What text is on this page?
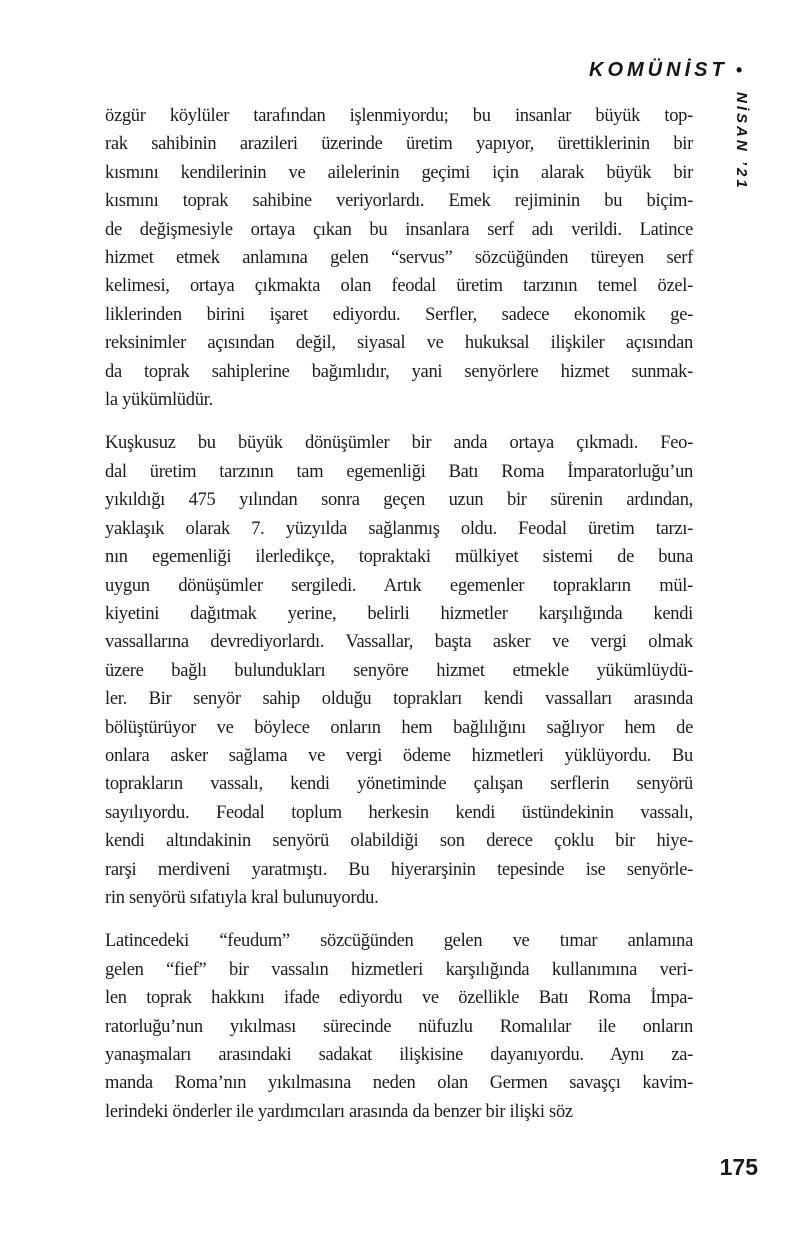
KOMÜNİST •
NİSAN ’21
özgür köylüler tarafından işlenmiyordu; bu insanlar büyük top-
rak sahibinin arazileri üzerinde üretim yapıyor, ürettiklerinin bir
kısmını kendilerinin ve ailelerinin geçimi için alarak büyük bir
kısmını toprak sahibine veriyorlardı. Emek rejiminin bu biçim-
de değişmesiyle ortaya çıkan bu insanlara serf adı verildi. Latince
hizmet etmek anlamına gelen “servus” sözcüğünden türeyen serf
kelimesi, ortaya çıkmakta olan feodal üretim tarzının temel özel-
liklerinden birini işaret ediyordu. Serfler, sadece ekonomik ge-
reksinimler açısından değil, siyasal ve hukuksal ilişkiler açısından
da toprak sahiplerine bağımlıdır, yani senyörlere hizmet sunmak-
la yükümlüdür.
Kuşkusuz bu büyük dönüşümler bir anda ortaya çıkmadı. Feo-
dal üretim tarzının tam egemenliği Batı Roma İmparatorluğu’un
yıkıldığı 475 yılından sonra geçen uzun bir sürenin ardından,
yaklaşık olarak 7. yüzyılda sağlanmış oldu. Feodal üretim tarzı-
nın egemenliği ilerledikçe, topraktaki mülkiyet sistemi de buna
uygun dönüşümler sergiledi. Artık egemenler toprakların mül-
kiyetini dağıtmak yerine, belirli hizmetler karşılığında kendi
vassallarına devrediyorlardı. Vassallar, başta asker ve vergi olmak
üzere bağlı bulundukları senyöre hizmet etmekle yükümlüydü-
ler. Bir senyör sahip olduğu toprakları kendi vassalları arasında
bölüştürüyor ve böylece onların hem bağlılığını sağlıyor hem de
onlara asker sağlama ve vergi ödeme hizmetleri yüklüyordu. Bu
toprakların vassalı, kendi yönetiminde çalışan serflerin senyörü
sayılıyordu. Feodal toplum herkesin kendi üstündekinin vassalı,
kendi altındakinin senyörü olabildiği son derece çoklu bir hiye-
rarşi merdiveni yaratmıştı. Bu hiyerarşinin tepesinde ise senyörle-
rin senyörü sıfatıyla kral bulunuyordu.
Latincedeki “feudum” sözcüğünden gelen ve tımar anlamına
gelen “fief” bir vassalın hizmetleri karşılığında kullanımına veri-
len toprak hakkını ifade ediyordu ve özellikle Batı Roma İmpa-
ratorluğu’nun yıkılması sürecinde nüfuzlu Romalılar ile onların
yanaşmaları arasındaki sadakat ilişkisine dayanıyordu. Aynı za-
manda Roma’nın yıkılmasına neden olan Germen savaşçı kavim-
lerindeki önderler ile yardımcıları arasında da benzer bir ilişki söz
175
